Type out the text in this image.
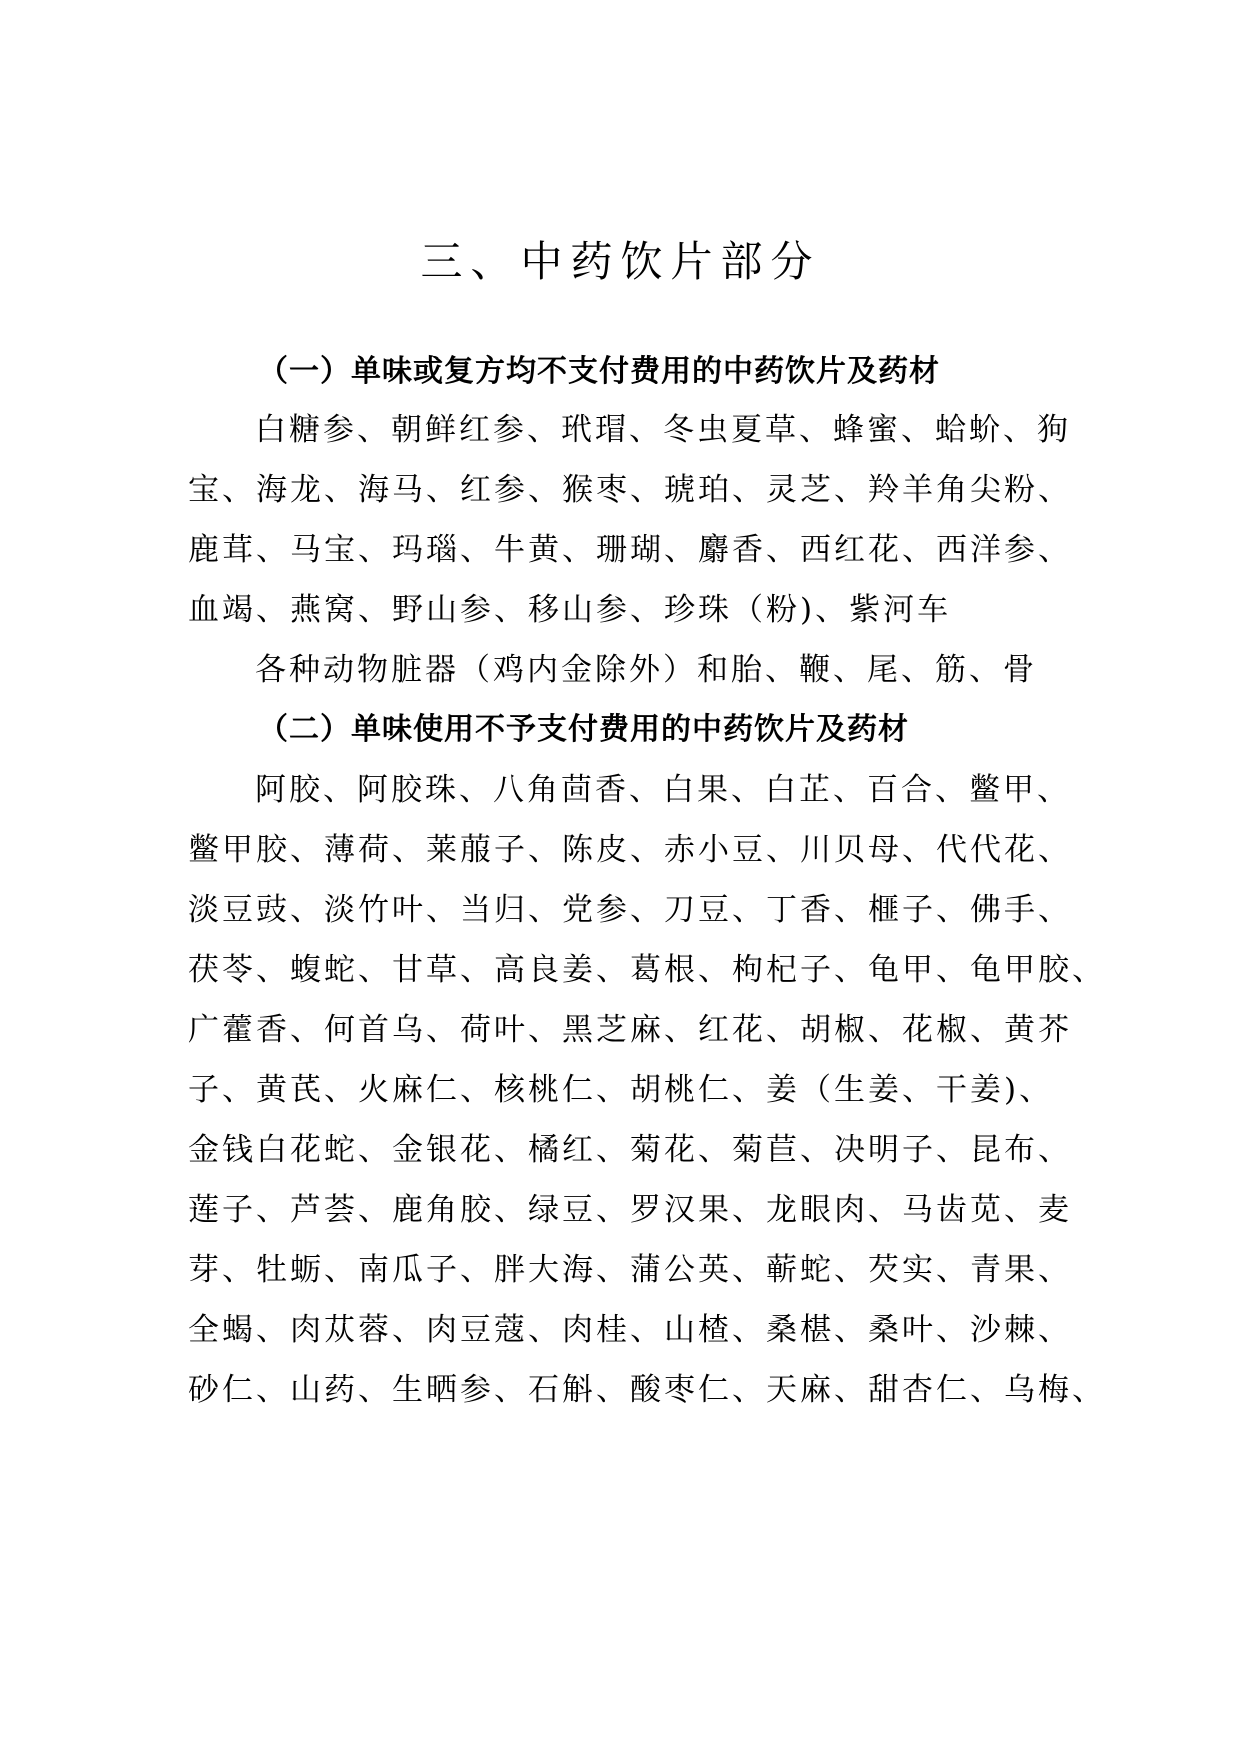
三、中药饮片部分
（一）单味或复方均不支付费用的中药饮片及药材
白糖参、朝鲜红参、玳瑁、冬虫夏草、蜂蜜、蛤蚧、狗
宝、海龙、海马、红参、猴枣、琥珀、灵芝、羚羊角尖粉、
鹿茸、马宝、玛瑙、牛黄、珊瑚、麝香、西红花、西洋参、
血竭、燕窝、野山参、移山参、珍珠（粉)、紫河车
各种动物脏器（鸡内金除外）和胎、鞭、尾、筋、骨
（二）单味使用不予支付费用的中药饮片及药材
阿胶、阿胶珠、八角茴香、白果、白芷、百合、鳖甲、
鳖甲胶、薄荷、莱菔子、陈皮、赤小豆、川贝母、代代花、
淡豆豉、淡竹叶、当归、党参、刀豆、丁香、榧子、佛手、
茯苓、蝮蛇、甘草、高良姜、葛根、枸杞子、龟甲、龟甲胶、
广藿香、何首乌、荷叶、黑芝麻、红花、胡椒、花椒、黄芥
子、黄芪、火麻仁、核桃仁、胡桃仁、姜（生姜、干姜)、
金钱白花蛇、金银花、橘红、菊花、菊苣、决明子、昆布、
莲子、芦荟、鹿角胶、绿豆、罗汉果、龙眼肉、马齿苋、麦
芽、牡蛎、南瓜子、胖大海、蒲公英、蕲蛇、芡实、青果、
全蝎、肉苁蓉、肉豆蔻、肉桂、山楂、桑椹、桑叶、沙棘、
砂仁、山药、生晒参、石斛、酸枣仁、天麻、甜杏仁、乌梅、
